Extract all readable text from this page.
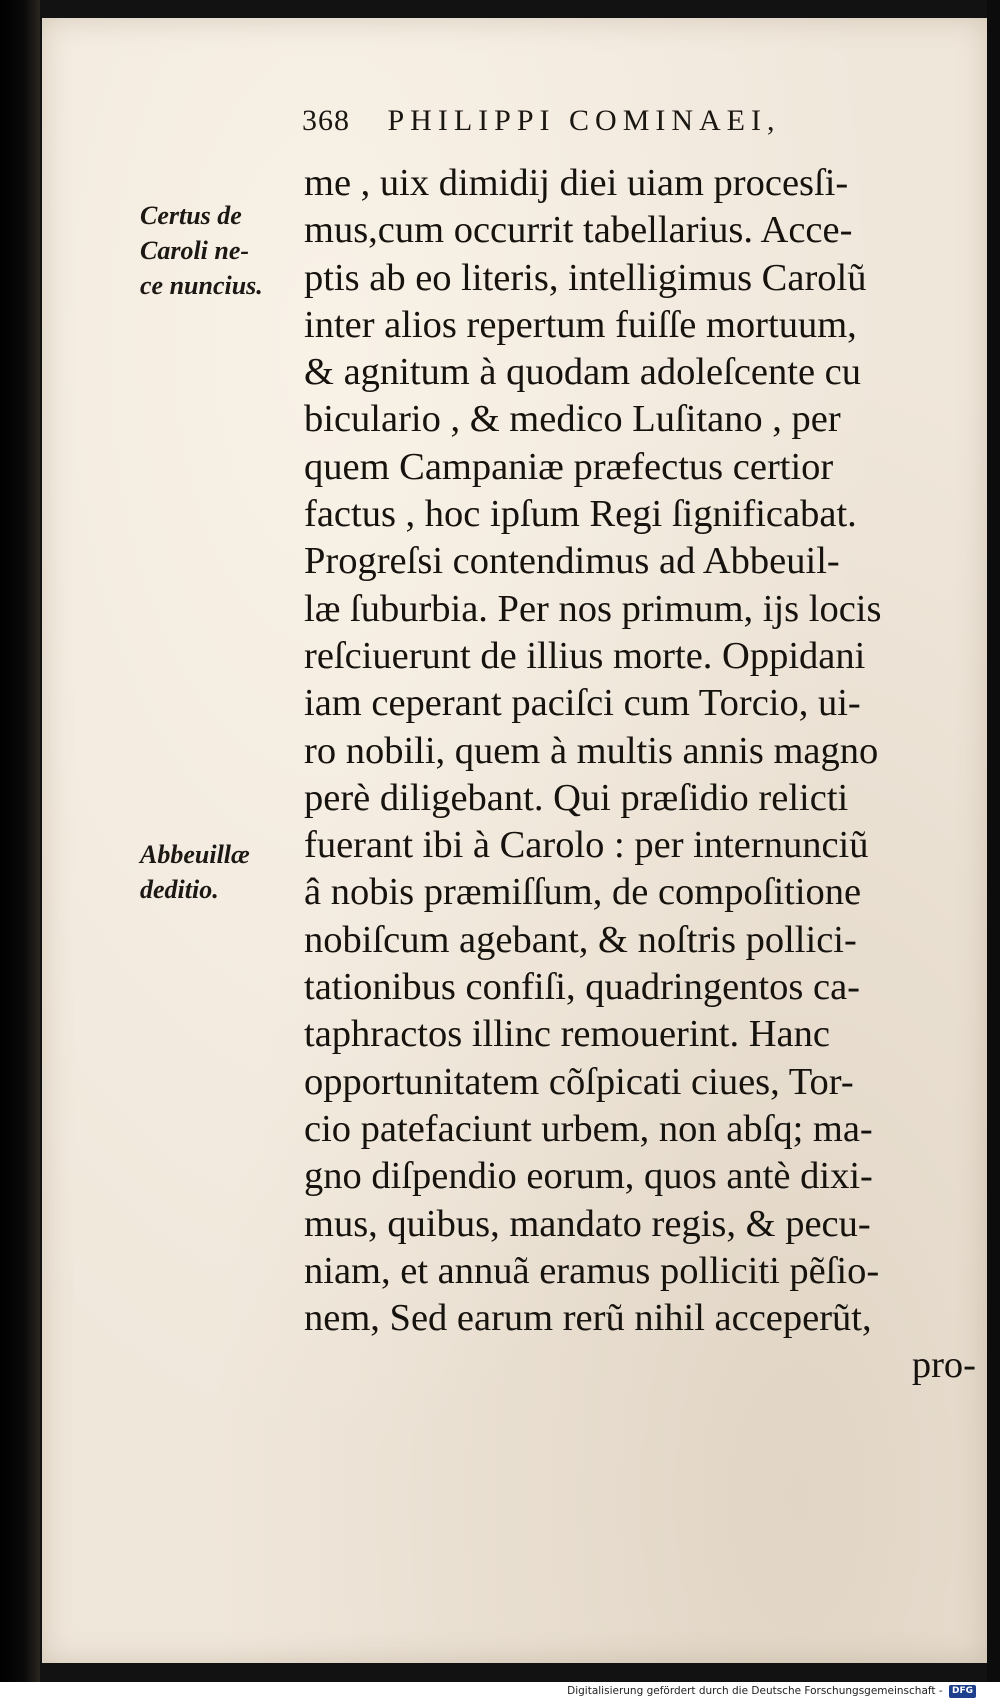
368 PHILIPPI COMINAEI,
Certus de
Caroli ne-
ce nuncius.
Abbeuillæ
deditio.
me , uix dimidij diei uiam procesſi-
mus,cum occurrit tabellarius. Acce-
ptis ab eo literis, intelligimus Carolũ
inter alios repertum fuiſſe mortuum,
& agnitum à quodam adoleſcente cu
biculario , & medico Luſitano , per
quem Campaniæ præfectus certior
factus , hoc ipſum Regi ſignificabat.
Progreſsi contendimus ad Abbeuil-
læ ſuburbia. Per nos primum, ijs locis
reſciuerunt de illius morte. Oppidani
iam ceperant paciſci cum Torcio, ui-
ro nobili, quem à multis annis magno
perè diligebant. Qui præſidio relicti
fuerant ibi à Carolo : per internunciũ
â nobis præmiſſum, de compoſitione
nobiſcum agebant, & noſtris pollici-
tationibus confiſi, quadringentos ca-
taphractos illinc remouerint. Hanc
opportunitatem cõſpicati ciues, Tor-
cio patefaciunt urbem, non abſq; ma-
gno diſpendio eorum, quos antè dixi-
mus, quibus, mandato regis, & pecu-
niam, et annuã eramus polliciti pẽſio-
nem, Sed earum rerũ nihil acceperũt,
pro-
Digitalisierung gefördert durch die Deutsche Forschungsgemeinschaft - DFG
